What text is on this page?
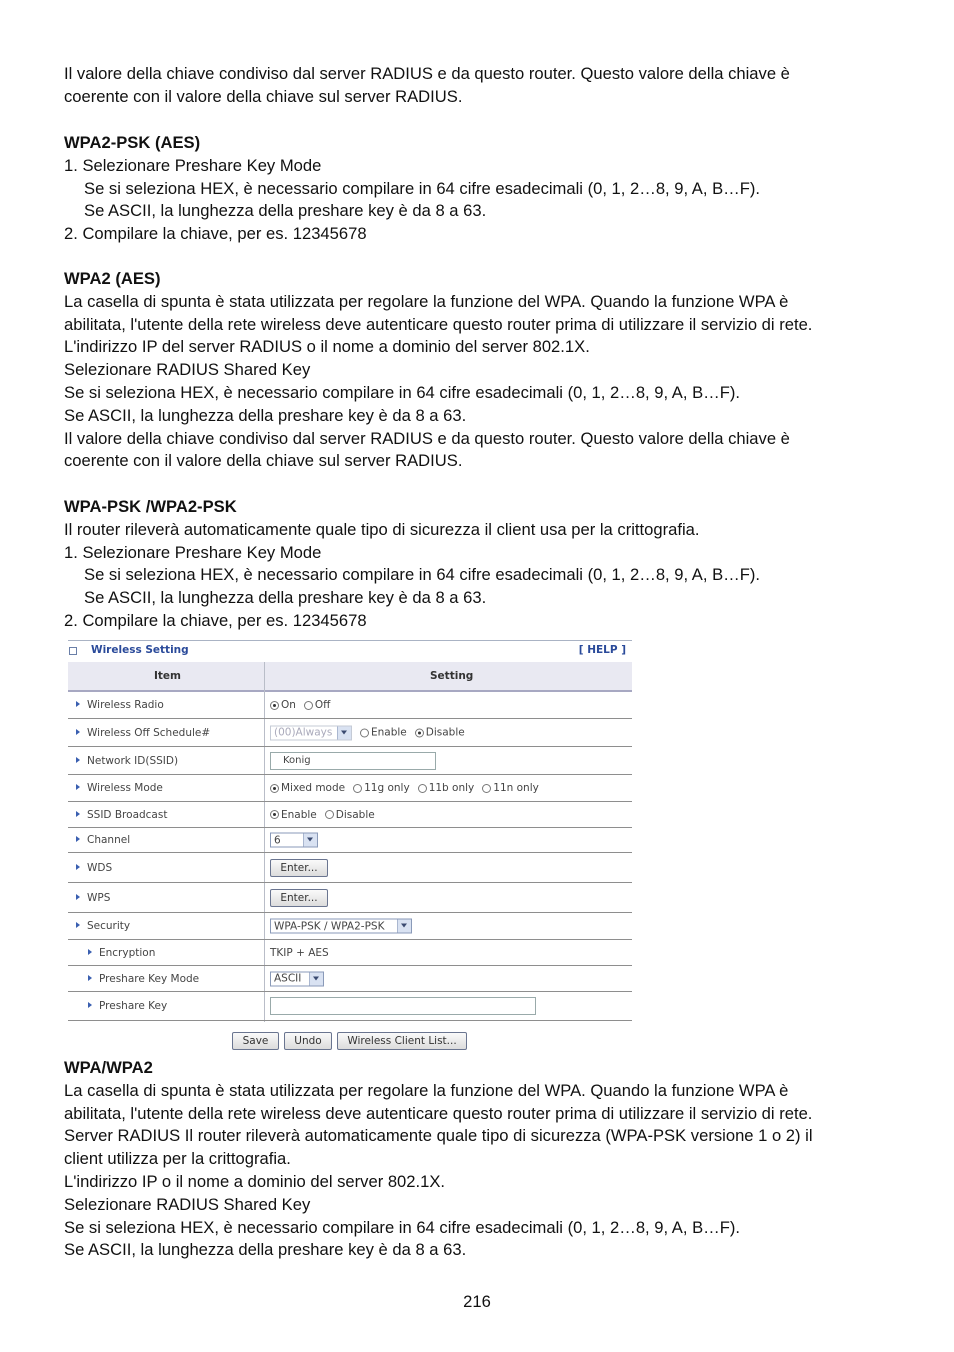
Il valore della chiave condiviso dal server RADIUS e da questo router. Questo valore della chiave è

coerente con il valore della chiave sul server RADIUS.

WPA2-PSK (AES)

1. Selezionare Preshare Key Mode

Se si seleziona HEX, è necessario compilare in 64 cifre esadecimali (0, 1, 2…8, 9, A, B…F).

Se ASCII, la lunghezza della preshare key è da 8 a 63.

2. Compilare la chiave, per es. 12345678

WPA2 (AES)

La casella di spunta è stata utilizzata per regolare la funzione del WPA. Quando la funzione WPA è

abilitata, l'utente della rete wireless deve autenticare questo router prima di utilizzare il servizio di rete.

L'indirizzo IP del server RADIUS o il nome a dominio del server 802.1X.

Selezionare RADIUS Shared Key

Se si seleziona HEX, è necessario compilare in 64 cifre esadecimali (0, 1, 2…8, 9, A, B…F).

Se ASCII, la lunghezza della preshare key è da 8 a 63.

Il valore della chiave condiviso dal server RADIUS e da questo router. Questo valore della chiave è

coerente con il valore della chiave sul server RADIUS.

WPA-PSK /WPA2-PSK

Il router rileverà automaticamente quale tipo di sicurezza il client usa per la crittografia.

1. Selezionare Preshare Key Mode

Se si seleziona HEX, è necessario compilare in 64 cifre esadecimali (0, 1, 2…8, 9, A, B…F).

Se ASCII, la lunghezza della preshare key è da 8 a 63.

2. Compilare la chiave, per es. 12345678

Wireless Setting	[ HELP ]
Item	Setting
Wireless Radio	On Off
Wireless Off Schedule#	(00)Always	Enable Disable
Network ID(SSID)	Konig
Wireless Mode	Mixed mode 11g only 11b only 11n only
SSID Broadcast	Enable Disable
Channel	6
WDS	Enter...
WPS	Enter...
Security	WPA-PSK / WPA2-PSK
Encryption	TKIP + AES
Preshare Key Mode	ASCII
Preshare Key
Save	Undo	Wireless Client List...

WPA/WPA2

La casella di spunta è stata utilizzata per regolare la funzione del WPA. Quando la funzione WPA è

abilitata, l'utente della rete wireless deve autenticare questo router prima di utilizzare il servizio di rete.

Server RADIUS Il router rileverà automaticamente quale tipo di sicurezza (WPA-PSK versione 1 o 2) il

client utilizza per la crittografia.

L'indirizzo IP o il nome a dominio del server 802.1X.

Selezionare RADIUS Shared Key

Se si seleziona HEX, è necessario compilare in 64 cifre esadecimali (0, 1, 2…8, 9, A, B…F).

Se ASCII, la lunghezza della preshare key è da 8 a 63.

216
